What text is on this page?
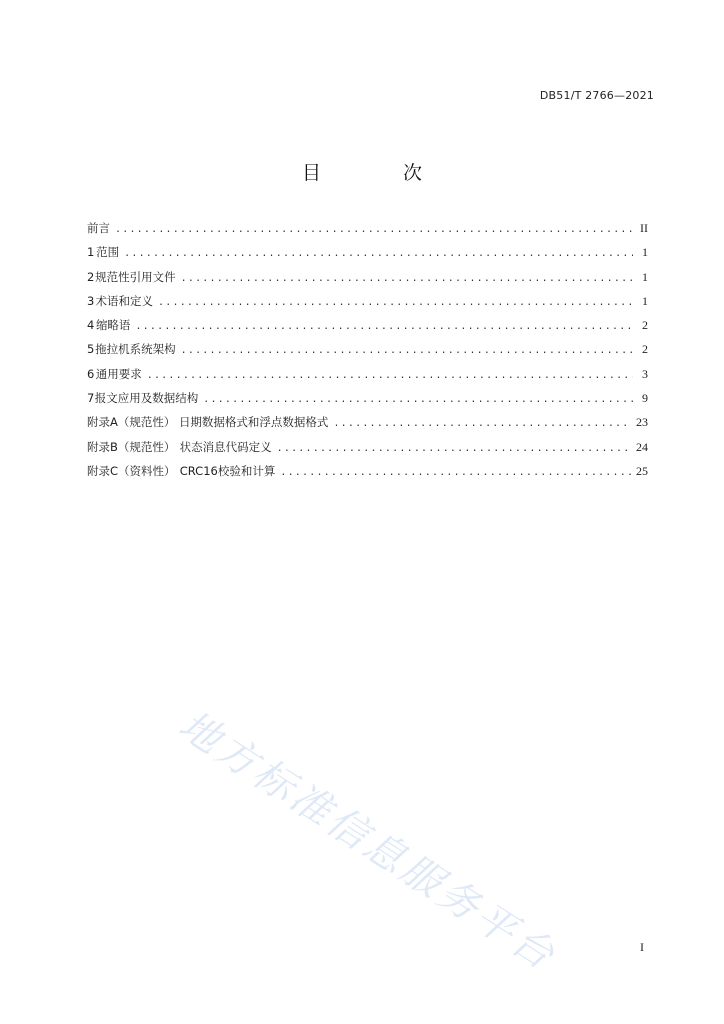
DB51/T 2766—2021
目 次
前言 .....	II
1 范围 .....	1
2 规范性引用文件 .....	1
3 术语和定义 .....	1
4 缩略语 .....	2
5 拖拉机系统架构 .....	2
6 通用要求 .....	3
7 报文应用及数据结构 .....	9
附录A（规范性） 日期数据格式和浮点数据格式 .....	23
附录B（规范性） 状态消息代码定义 .....	24
附录C（资料性） CRC16校验和计算 .....	25
地方标准信息服务平台	I
